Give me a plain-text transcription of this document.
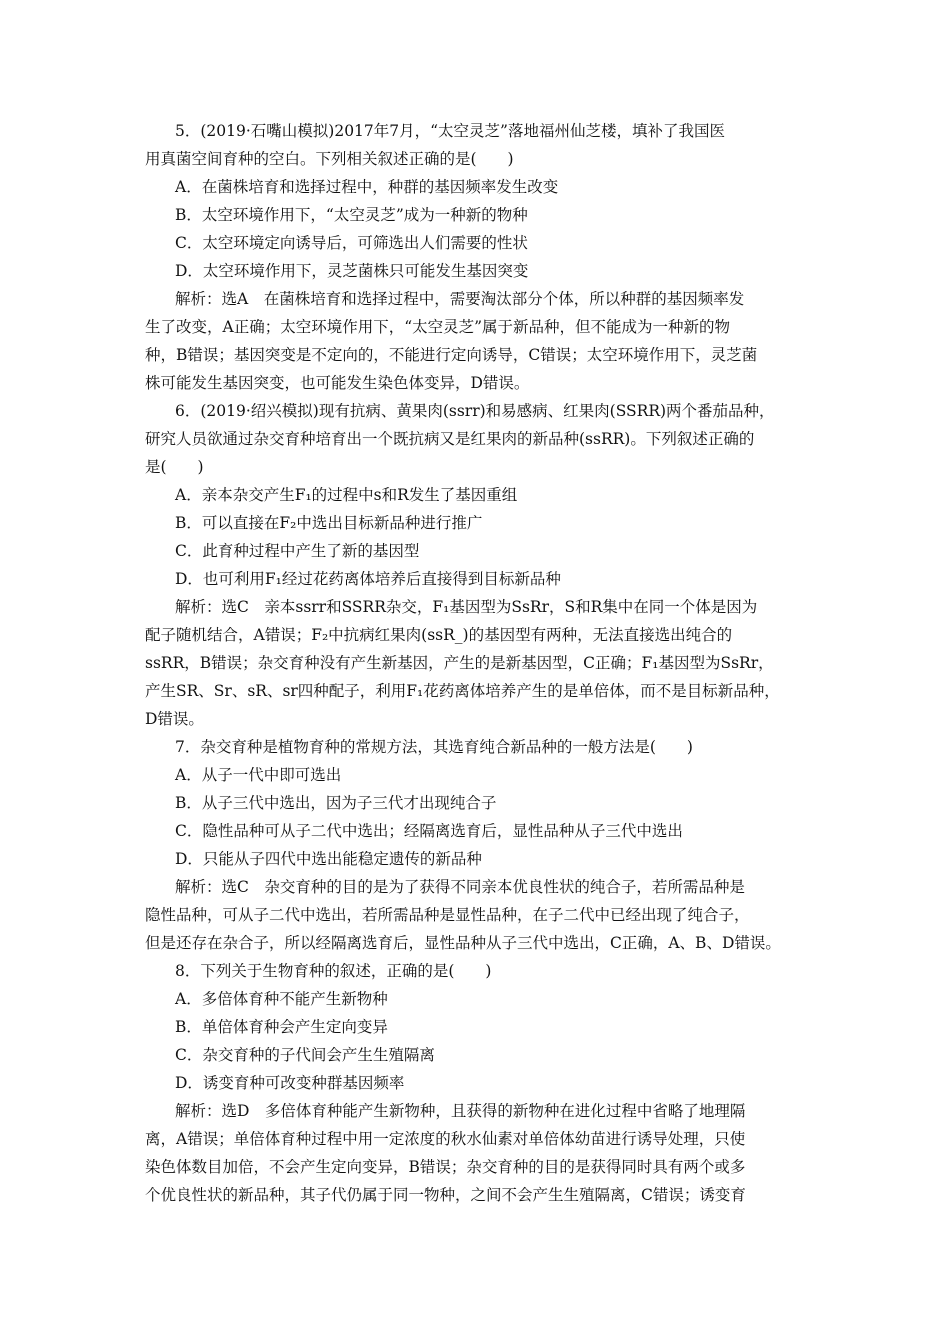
5．(2019·石嘴山模拟)2017年7月，“太空灵芝”落地福州仙芝楼，填补了我国医
用真菌空间育种的空白。下列相关叙述正确的是(　　)
A．在菌株培育和选择过程中，种群的基因频率发生改变
B．太空环境作用下，“太空灵芝”成为一种新的物种
C．太空环境定向诱导后，可筛选出人们需要的性状
D．太空环境作用下，灵芝菌株只可能发生基因突变
解析：选A　在菌株培育和选择过程中，需要淘汰部分个体，所以种群的基因频率发
生了改变，A正确；太空环境作用下，“太空灵芝”属于新品种，但不能成为一种新的物
种，B错误；基因突变是不定向的，不能进行定向诱导，C错误；太空环境作用下，灵芝菌
株可能发生基因突变，也可能发生染色体变异，D错误。
6．(2019·绍兴模拟)现有抗病、黄果肉(ssrr)和易感病、红果肉(SSRR)两个番茄品种，
研究人员欲通过杂交育种培育出一个既抗病又是红果肉的新品种(ssRR)。下列叙述正确的
是(　　)
A．亲本杂交产生F₁的过程中s和R发生了基因重组
B．可以直接在F₂中选出目标新品种进行推广
C．此育种过程中产生了新的基因型
D．也可利用F₁经过花药离体培养后直接得到目标新品种
解析：选C　亲本ssrr和SSRR杂交，F₁基因型为SsRr，S和R集中在同一个体是因为
配子随机结合，A错误；F₂中抗病红果肉(ssR_)的基因型有两种，无法直接选出纯合的
ssRR，B错误；杂交育种没有产生新基因，产生的是新基因型，C正确；F₁基因型为SsRr，
产生SR、Sr、sR、sr四种配子，利用F₁花药离体培养产生的是单倍体，而不是目标新品种，
D错误。
7．杂交育种是植物育种的常规方法，其选育纯合新品种的一般方法是(　　)
A．从子一代中即可选出
B．从子三代中选出，因为子三代才出现纯合子
C．隐性品种可从子二代中选出；经隔离选育后，显性品种从子三代中选出
D．只能从子四代中选出能稳定遗传的新品种
解析：选C　杂交育种的目的是为了获得不同亲本优良性状的纯合子，若所需品种是
隐性品种，可从子二代中选出，若所需品种是显性品种，在子二代中已经出现了纯合子，
但是还存在杂合子，所以经隔离选育后，显性品种从子三代中选出，C正确，A、B、D错误。
8．下列关于生物育种的叙述，正确的是(　　)
A．多倍体育种不能产生新物种
B．单倍体育种会产生定向变异
C．杂交育种的子代间会产生生殖隔离
D．诱变育种可改变种群基因频率
解析：选D　多倍体育种能产生新物种，且获得的新物种在进化过程中省略了地理隔
离，A错误；单倍体育种过程中用一定浓度的秋水仙素对单倍体幼苗进行诱导处理，只使
染色体数目加倍，不会产生定向变异，B错误；杂交育种的目的是获得同时具有两个或多
个优良性状的新品种，其子代仍属于同一物种，之间不会产生生殖隔离，C错误；诱变育
